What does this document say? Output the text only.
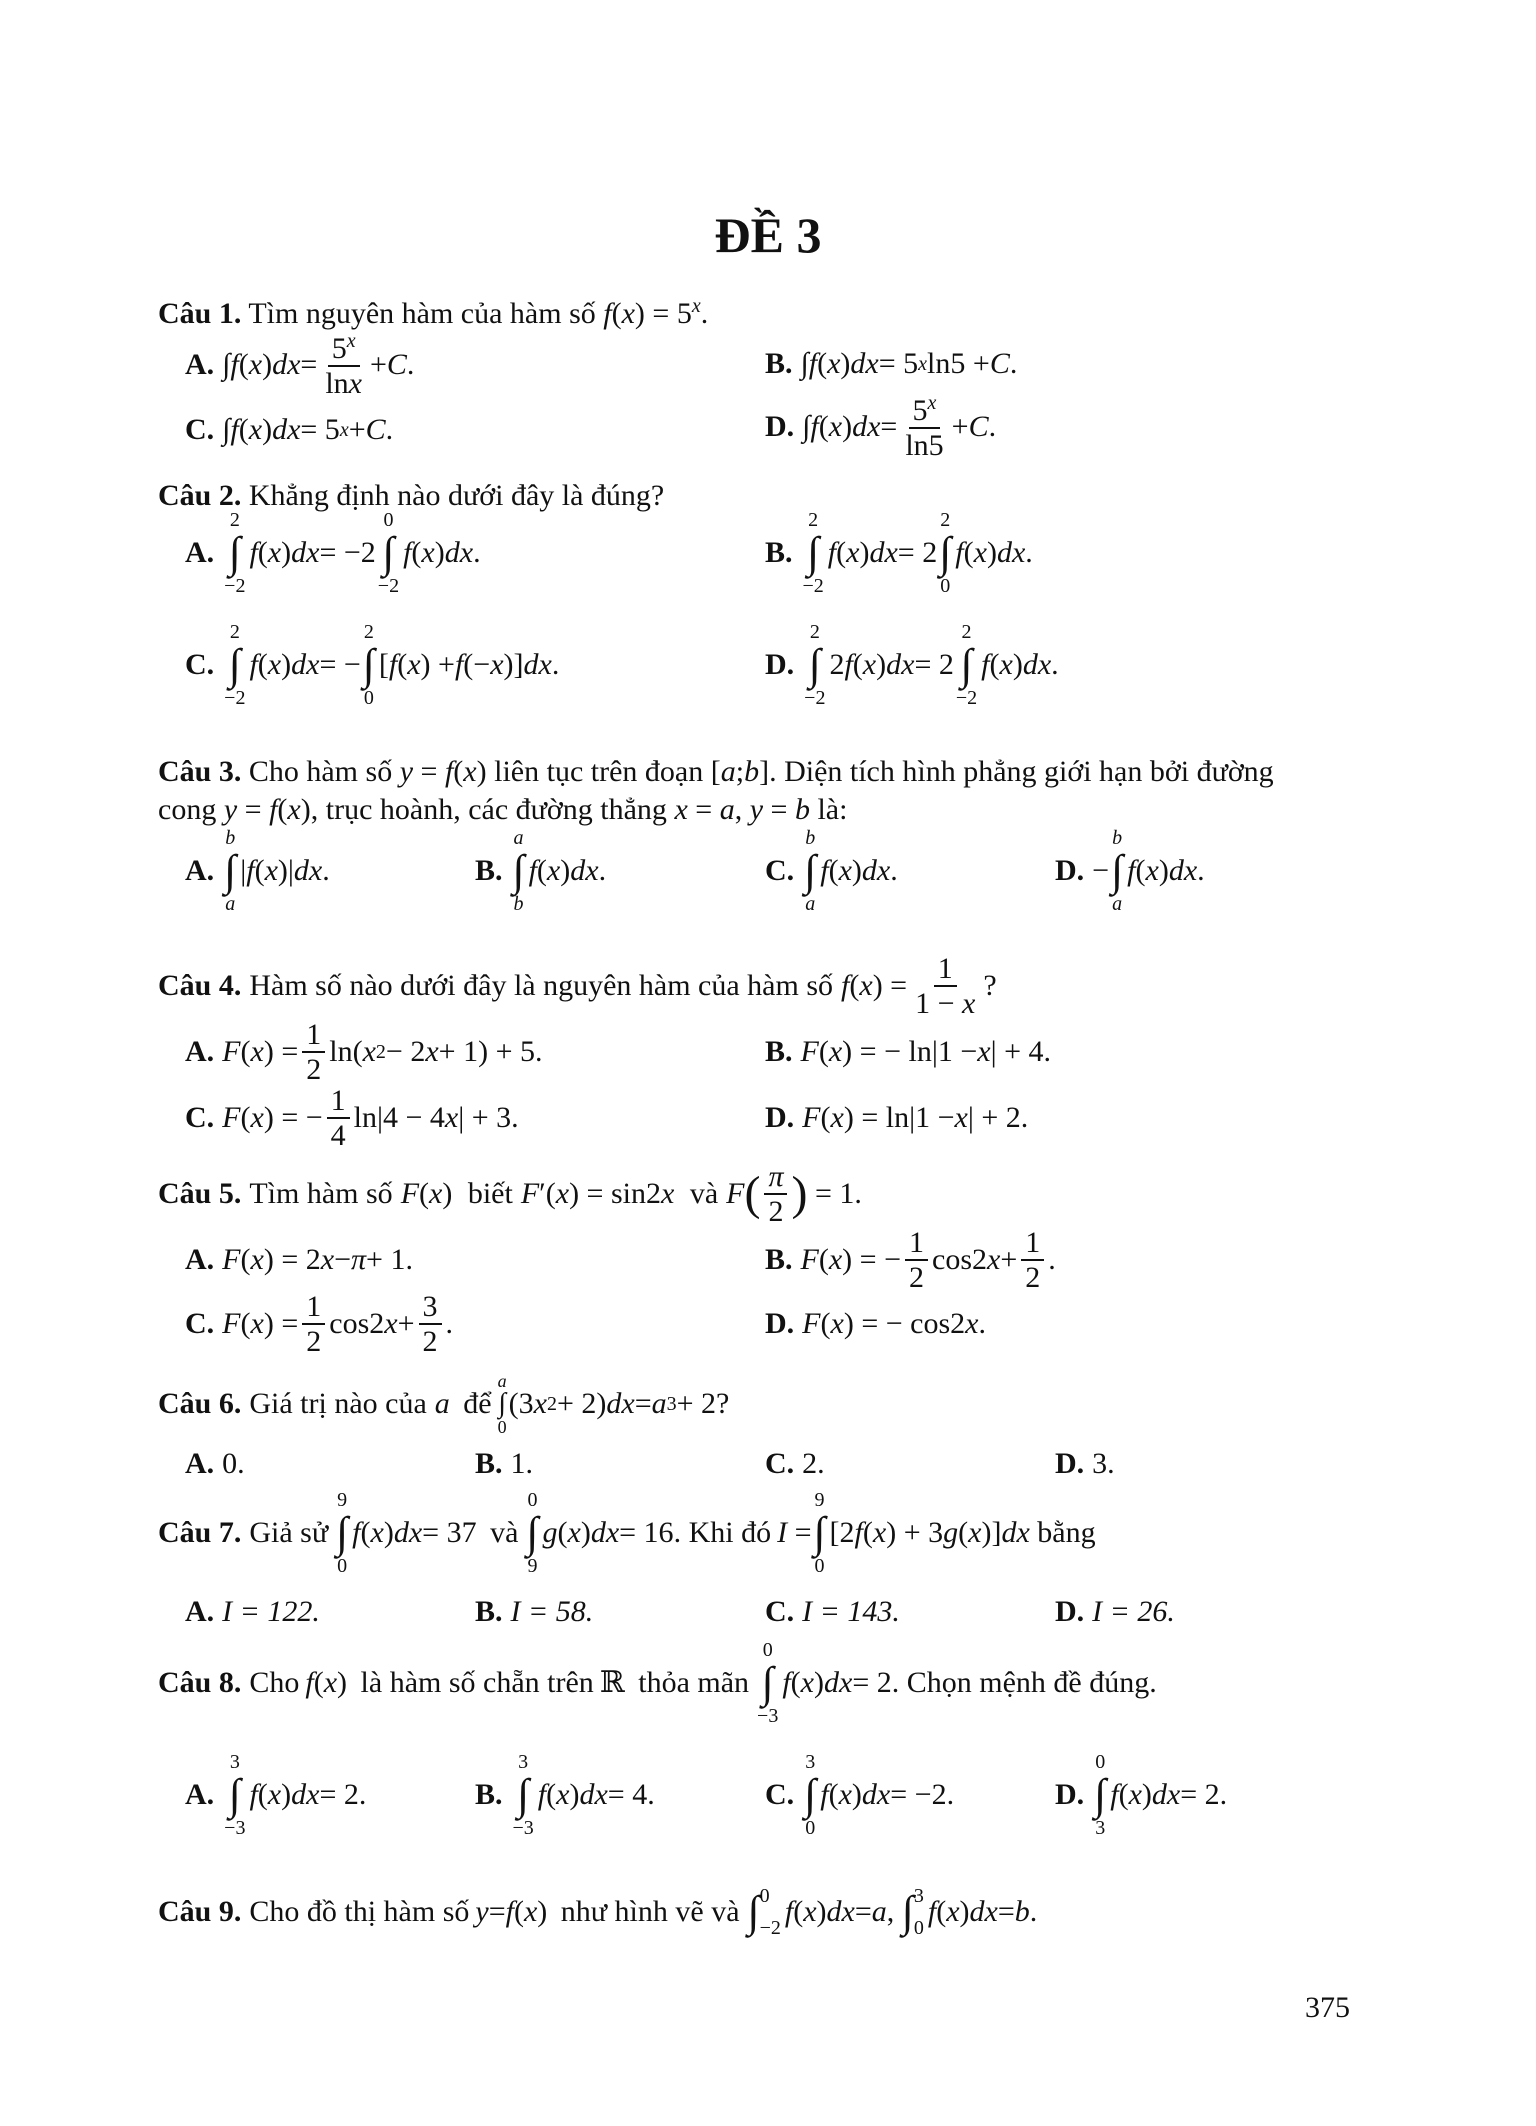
ĐỀ 3
Câu 1. Tìm nguyên hàm của hàm số $f(x) = 5^x$.
A. ∫ f ( x ) dx = $\frac{5^x}{\ln x} + C$ .	B. ∫ f ( x ) dx = 5 x ln5 + C .
C. ∫ f ( x ) dx = 5 x + C .	D. ∫ f ( x ) dx = $\frac{5^x}{\ln 5} + C$ .
Câu 2. Khẳng định nào dưới đây là đúng?
A.
2
∫
−2
f ( x ) dx = −2
0
∫
−2
f ( x ) dx .	B.
2
∫
−2
f ( x ) dx = 2
2
∫
0
f ( x ) dx .
C.
2
∫
−2
f ( x ) dx = −
2
∫
0
[ f ( x ) + f (− x )] dx .	D.
2
∫
−2
2 f ( x ) dx = 2
2
∫
−2
f ( x ) dx .
Câu 3. Cho hàm số y = f(x) liên tục trên đoạn [a;b]. Diện tích hình phẳng giới hạn bởi đường
cong y = f(x), trục hoành, các đường thẳng x = a, y = b là:
A.
b
∫
a
| f ( x )| dx .	B.
a
∫
b
f ( x ) dx .	C.
b
∫
a
f ( x ) dx .	D. −
b
∫
a
f ( x ) dx .
Câu 4. Hàm số nào dưới đây là nguyên hàm của hàm số f ( x ) = $\frac{1}{1 - x}$ ?
A. F ( x ) = $\frac{1}{2} \ln$( x 2 − 2 x + 1) + 5.	B. F ( x ) = − ln|1 − x | + 4.
C. F ( x ) = − $\frac{1}{4} \ln|4 - 4$ x | + 3.	D. F ( x ) = ln|1 − x | + 2.
Câu 5. Tìm hàm số F ( x ) biết F ′( x ) = sin2 x
và F ( $\frac{\pi}{2}$ ) = 1.
A. F ( x ) = 2 x − π + 1.	B. F ( x ) = − $\frac{1}{2} \cos 2$ $x + \frac{1}{2}$ .
C. F ( x ) = $\frac{1}{2} \cos 2$ $x + \frac{3}{2}$ .	D. F ( x ) = − cos2 x .
Câu 6. Giá trị nào của a
để
a
∫
0
(3 x 2 + 2) dx = a 3 + 2?
A. 0.	B. 1.	C. 2.	D. 3.
Câu 7. Giả sử
9
∫
0
f ( x ) dx = 37 và
0
∫
9
g ( x ) dx = 16 . Khi đó I =
9
∫
0
[2 f ( x ) + 3 g ( x )] dx
bằng
A. I = 122.	B. I = 58.	C. I = 143.	D. I = 26.
Câu 8. Cho f ( x ) là hàm số chẵn trên ℝ
thỏa mãn
0
∫
−3
f ( x ) dx = 2 . Chọn mệnh đề đúng.
A.
3
∫
−3
f ( x ) dx = 2.	B.
3
∫
−3
f ( x ) dx = 4.	C.
3
∫
0
f ( x ) dx = −2.	D.
0
∫
3
f ( x ) dx = 2.
Câu 9. Cho đồ thị hàm số y = f ( x ) như hình vẽ và ∫ 0
−2 f ( x ) dx = a , ∫ 3
0 f ( x ) dx = b .
375
